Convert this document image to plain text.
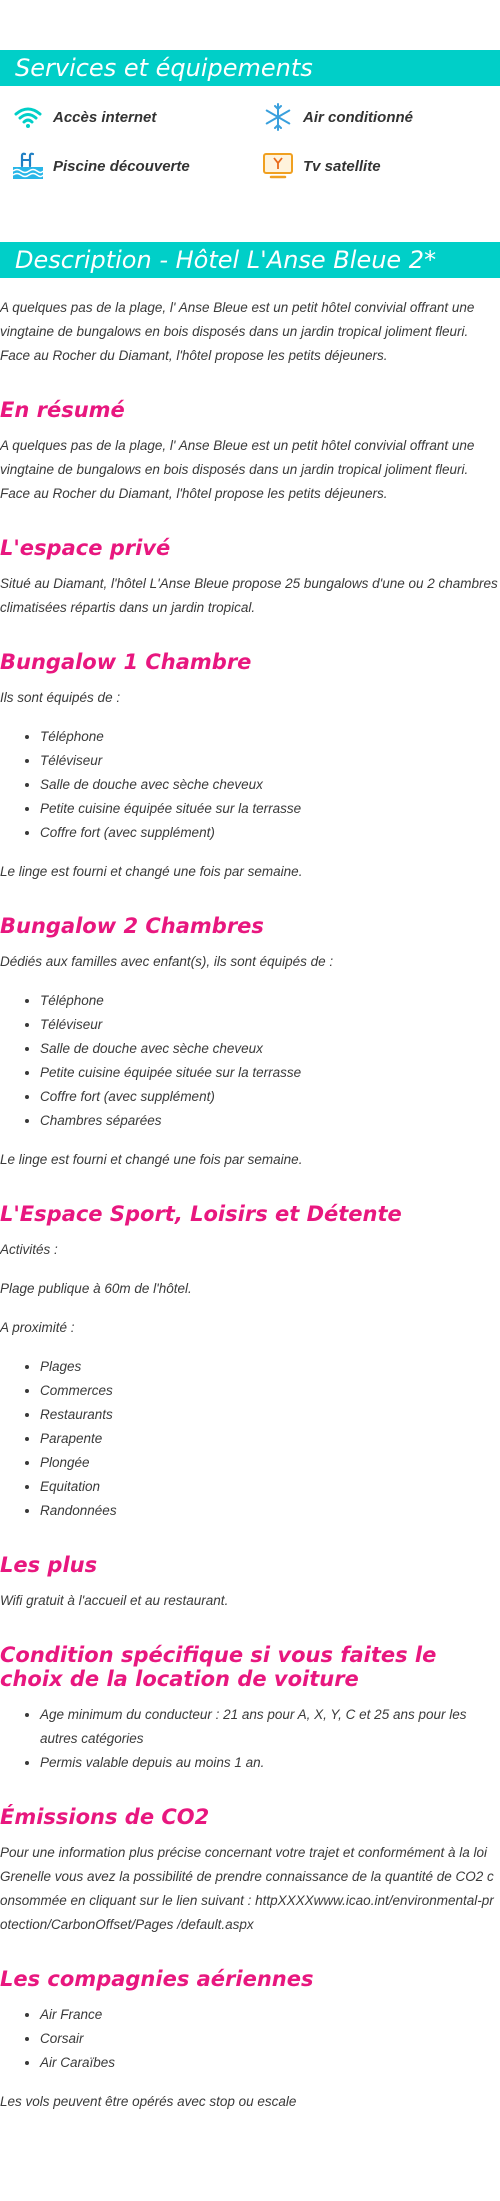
Services et équipements
Accès internet	Air conditionné
Piscine découverte	Tv satellite
Description - Hôtel L'Anse Bleue 2*

A quelques pas de la plage, l' Anse Bleue est un petit hôtel convivial offrant une vingtaine de bungalows en bois disposés dans un jardin tropical joliment fleuri. Face au Rocher du Diamant, l'hôtel propose les petits déjeuners.

En résumé

A quelques pas de la plage, l' Anse Bleue est un petit hôtel convivial offrant une vingtaine de bungalows en bois disposés dans un jardin tropical joliment fleuri. Face au Rocher du Diamant, l'hôtel propose les petits déjeuners.

L'espace privé

Situé au Diamant, l'hôtel L'Anse Bleue propose 25 bungalows d'une ou 2 chambres climatisées répartis dans un jardin tropical.

Bungalow 1 Chambre

Ils sont équipés de :

• Téléphone
• Téléviseur
• Salle de douche avec sèche cheveux
• Petite cuisine équipée située sur la terrasse
• Coffre fort (avec supplément)

Le linge est fourni et changé une fois par semaine.

Bungalow 2 Chambres

Dédiés aux familles avec enfant(s), ils sont équipés de :

• Téléphone
• Téléviseur
• Salle de douche avec sèche cheveux
• Petite cuisine équipée située sur la terrasse
• Coffre fort (avec supplément)
• Chambres séparées

Le linge est fourni et changé une fois par semaine.

L'Espace Sport, Loisirs et Détente

Activités :

Plage publique à 60m de l'hôtel.

A proximité :

• Plages
• Commerces
• Restaurants
• Parapente
• Plongée
• Equitation
• Randonnées
Les plus

Wifi gratuit à l'accueil et au restaurant.

Condition spécifique si vous faites le choix de la location de voiture
• Age minimum du conducteur : 21 ans pour A, X, Y, C et 25 ans pour les autres catégories
• Permis valable depuis au moins 1 an.
Émissions de CO2

Pour une information plus précise concernant votre trajet et conformément à la loi Grenelle vous avez la possibilité de prendre connaissance de la quantité de CO2 consommée en cliquant sur le lien suivant : httpXXXXwww.icao.int/environmental-protection/CarbonOffset/Pages /default.aspx

Les compagnies aériennes
• Air France
• Corsair
• Air Caraïbes

Les vols peuvent être opérés avec stop ou escale
